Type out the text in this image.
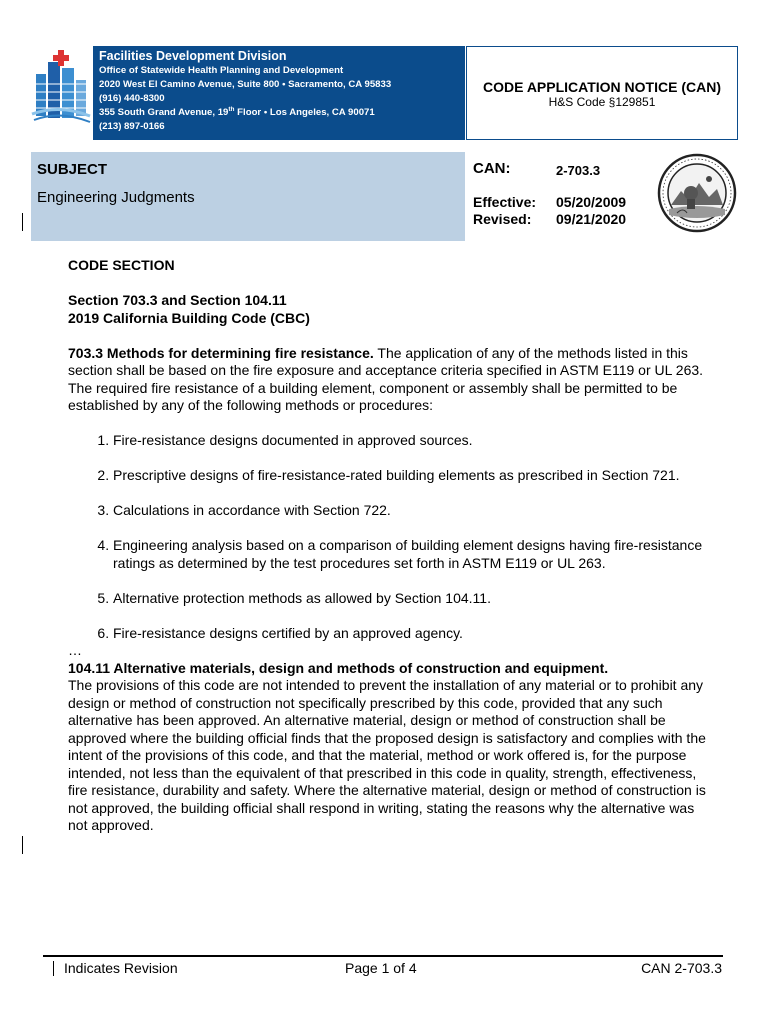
Facilities Development Division
Office of Statewide Health Planning and Development
2020 West El Camino Avenue, Suite 800 • Sacramento, CA 95833
(916) 440-8300
355 South Grand Avenue, 19th Floor • Los Angeles, CA 90071
(213) 897-0166
CODE APPLICATION NOTICE (CAN)
H&S Code §129851
SUBJECT
Engineering Judgments
CAN:	2-703.3
Effective: 05/20/2009
Revised: 09/21/2020
CODE SECTION
Section 703.3 and Section 104.11
2019 California Building Code (CBC)
703.3 Methods for determining fire resistance. The application of any of the methods listed in this section shall be based on the fire exposure and acceptance criteria specified in ASTM E119 or UL 263. The required fire resistance of a building element, component or assembly shall be permitted to be established by any of the following methods or procedures:
1. Fire-resistance designs documented in approved sources.
2. Prescriptive designs of fire-resistance-rated building elements as prescribed in Section 721.
3. Calculations in accordance with Section 722.
4. Engineering analysis based on a comparison of building element designs having fire-resistance ratings as determined by the test procedures set forth in ASTM E119 or UL 263.
5. Alternative protection methods as allowed by Section 104.11.
6. Fire-resistance designs certified by an approved agency.
…
104.11 Alternative materials, design and methods of construction and equipment.
The provisions of this code are not intended to prevent the installation of any material or to prohibit any design or method of construction not specifically prescribed by this code, provided that any such alternative has been approved. An alternative material, design or method of construction shall be approved where the building official finds that the proposed design is satisfactory and complies with the intent of the provisions of this code, and that the material, method or work offered is, for the purpose intended, not less than the equivalent of that prescribed in this code in quality, strength, effectiveness, fire resistance, durability and safety. Where the alternative material, design or method of construction is not approved, the building official shall respond in writing, stating the reasons why the alternative was not approved.
Indicates Revision	Page 1 of 4	CAN 2-703.3
